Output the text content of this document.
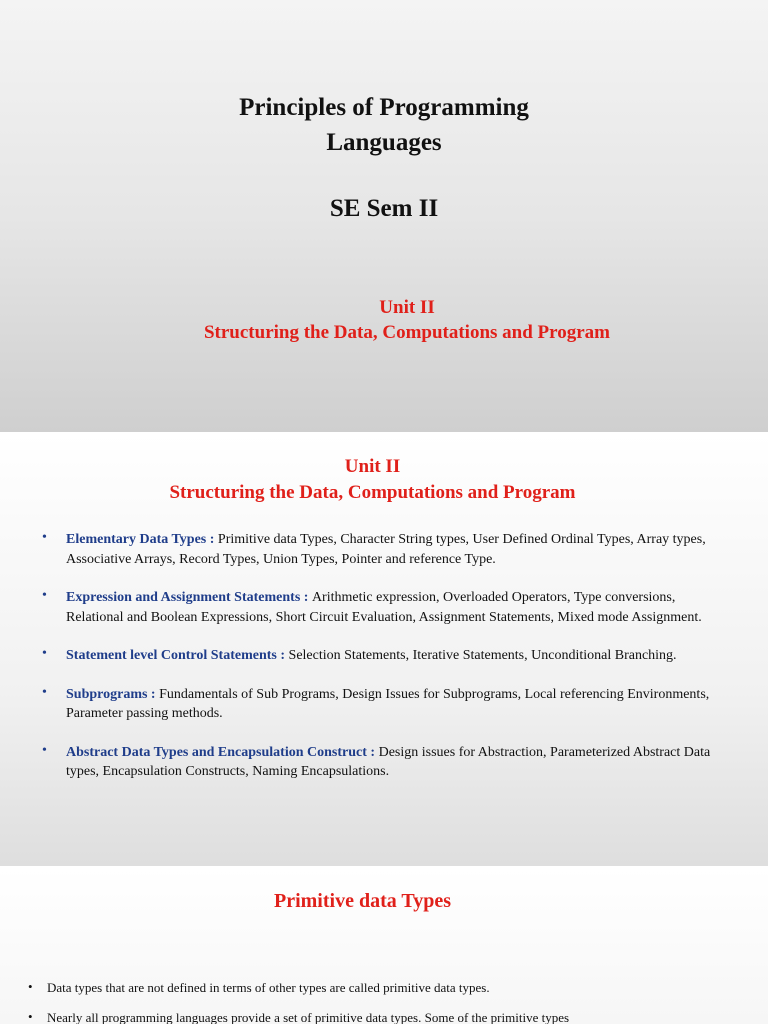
Principles of Programming
Languages
SE Sem II
Unit II
Structuring the Data, Computations and Program
Unit II
Structuring the Data, Computations and Program
• Elementary Data Types : Primitive data Types, Character String types, User Defined Ordinal Types, Array types, Associative Arrays, Record Types, Union Types, Pointer and reference Type.
• Expression and Assignment Statements : Arithmetic expression, Overloaded Operators, Type conversions, Relational and Boolean Expressions, Short Circuit Evaluation, Assignment Statements, Mixed mode Assignment.
• Statement level Control Statements : Selection Statements, Iterative Statements, Unconditional Branching.
• Subprograms : Fundamentals of Sub Programs, Design Issues for Subprograms, Local referencing Environments, Parameter passing methods.
• Abstract Data Types and Encapsulation Construct : Design issues for Abstraction, Parameterized Abstract Data types, Encapsulation Constructs, Naming Encapsulations.
Primitive data Types
• Data types that are not defined in terms of other types are called primitive data types.
• Nearly all programming languages provide a set of primitive data types. Some of the primitive types
